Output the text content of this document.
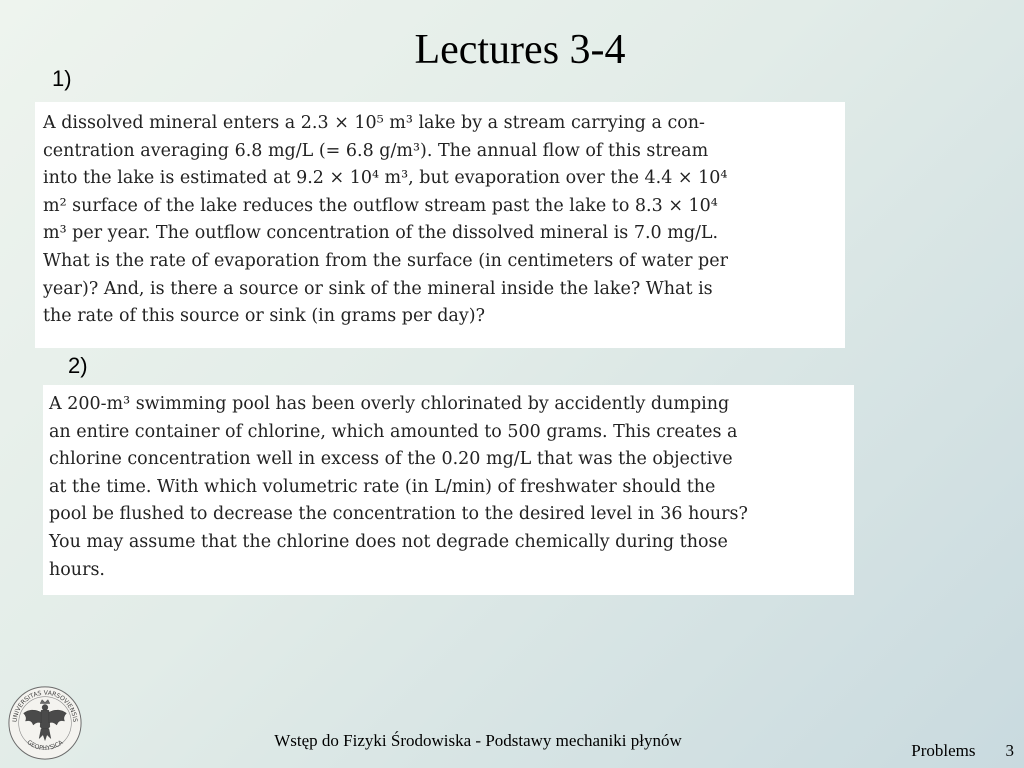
Lectures 3-4
1)
A dissolved mineral enters a 2.3 × 10⁵ m³ lake by a stream carrying a con-
centration averaging 6.8 mg/L (= 6.8 g/m³). The annual flow of this stream
into the lake is estimated at 9.2 × 10⁴ m³, but evaporation over the 4.4 × 10⁴
m² surface of the lake reduces the outflow stream past the lake to 8.3 × 10⁴
m³ per year. The outflow concentration of the dissolved mineral is 7.0 mg/L.
What is the rate of evaporation from the surface (in centimeters of water per
year)? And, is there a source or sink of the mineral inside the lake? What is
the rate of this source or sink (in grams per day)?
2)
A 200-m³ swimming pool has been overly chlorinated by accidently dumping
an entire container of chlorine, which amounted to 500 grams. This creates a
chlorine concentration well in excess of the 0.20 mg/L that was the objective
at the time. With which volumetric rate (in L/min) of freshwater should the
pool be flushed to decrease the concentration to the desired level in 36 hours?
You may assume that the chlorine does not degrade chemically during those
hours.
UNIVERSITAS VARSOVIENSIS
GEOPHYSICA	Wstęp do Fizyki Środowiska - Podstawy mechaniki płynów
Problems 3
